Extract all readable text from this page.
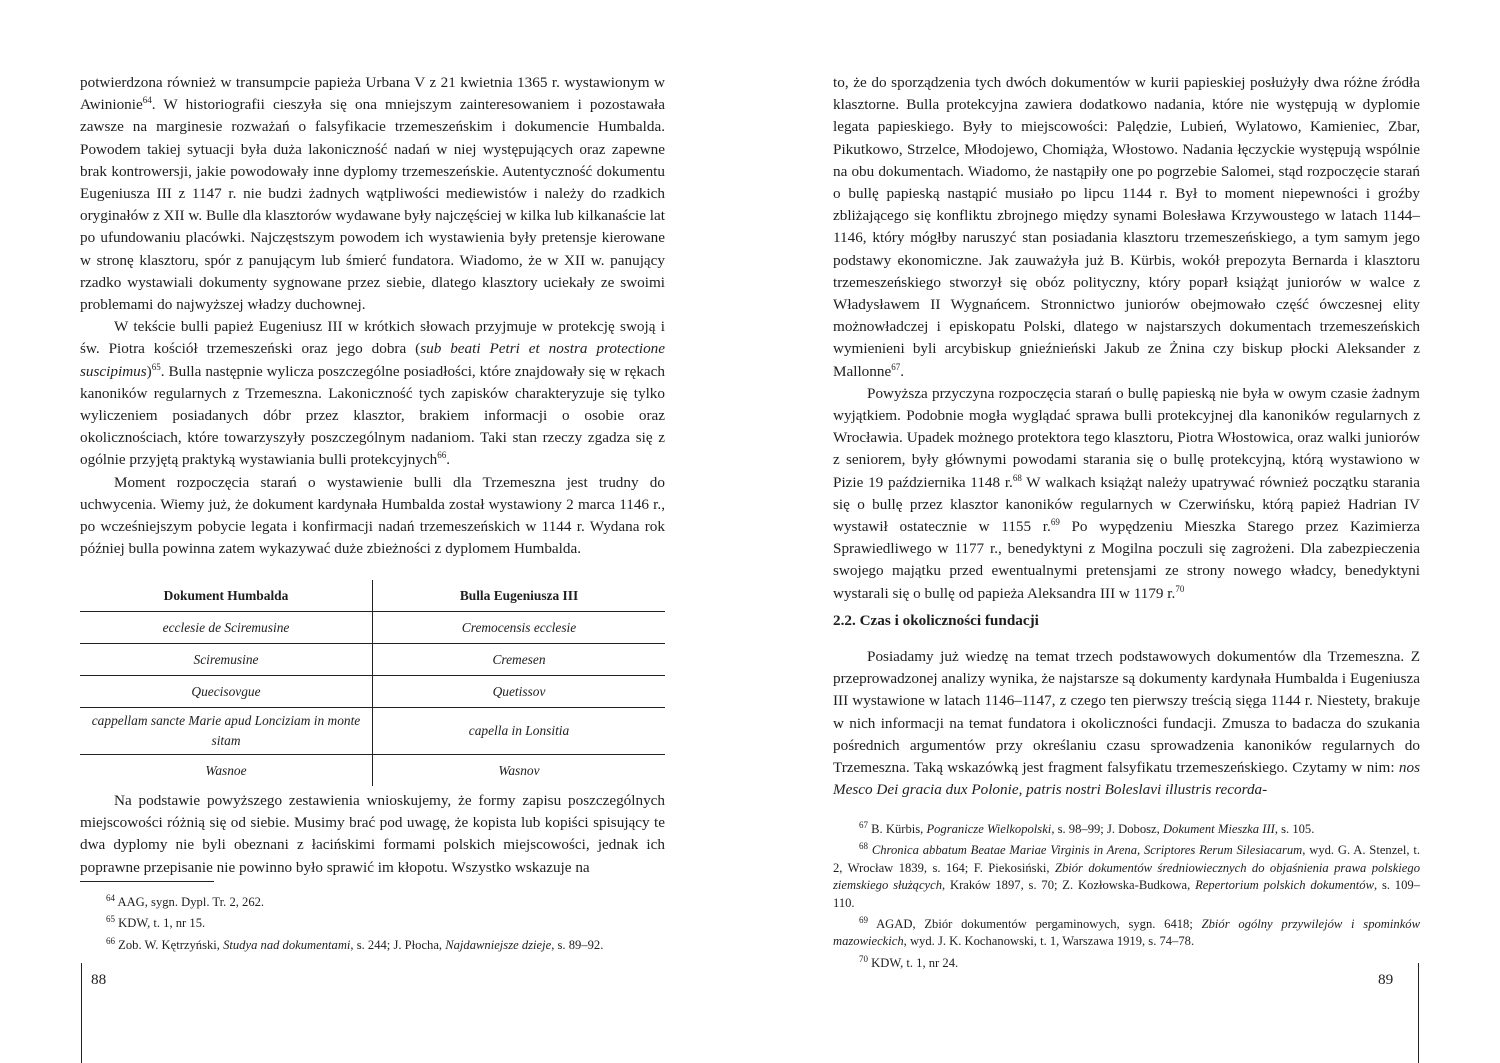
potwierdzona również w transumpcie papieża Urbana V z 21 kwietnia 1365 r. wystawionym w Awinionie$^{64}$. W historiografii cieszyła się ona mniejszym zainteresowaniem i pozostawała zawsze na marginesie rozważań o falsyfikacie trzemeszeńskim i dokumencie Humbalda. Powodem takiej sytuacji była duża lakoniczność nadań w niej występujących oraz zapewne brak kontrowersji, jakie powodowały inne dyplomy trzemeszeńskie. Autentyczność dokumentu Eugeniusza III z 1147 r. nie budzi żadnych wątpliwości mediewistów i należy do rzadkich oryginałów z XII w. Bulle dla klasztorów wydawane były najczęściej w kilka lub kilkanaście lat po ufundowaniu placówki. Najczęstszym powodem ich wystawienia były pretensje kierowane w stronę klasztoru, spór z panującym lub śmierć fundatora. Wiadomo, że w XII w. panujący rzadko wystawiali dokumenty sygnowane przez siebie, dlatego klasztory uciekały ze swoimi problemami do najwyższej władzy duchownej.

W tekście bulli papież Eugeniusz III w krótkich słowach przyjmuje w protekcję swoją i św. Piotra kościół trzemeszeński oraz jego dobra (sub beati Petri et nostra protectione suscipimus)$^{65}$. Bulla następnie wylicza poszczególne posiadłości, które znajdowały się w rękach kanoników regularnych z Trzemeszna. Lakoniczność tych zapisków charakteryzuje się tylko wyliczeniem posiadanych dóbr przez klasztor, brakiem informacji o osobie oraz okolicznościach, które towarzyszyły poszczególnym nadaniom. Taki stan rzeczy zgadza się z ogólnie przyjętą praktyką wystawiania bulli protekcyjnych$^{66}$.

Moment rozpoczęcia starań o wystawienie bulli dla Trzemeszna jest trudny do uchwycenia. Wiemy już, że dokument kardynała Humbalda został wystawiony 2 marca 1146 r., po wcześniejszym pobycie legata i konfirmacji nadań trzemeszeńskich w 1144 r. Wydana rok później bulla powinna zatem wykazywać duże zbieżności z dyplomem Humbalda.

Dokument Humbalda	Bulla Eugeniusza III
ecclesie de Sciremusine	Cremocensis ecclesie
Sciremusine	Cremesen
Quecisovgue	Quetissov
cappellam sancte Marie apud Lonciziam in monte sitam	capella in Lonsitia
Wasnoe	Wasnov

Na podstawie powyższego zestawienia wnioskujemy, że formy zapisu poszczególnych miejscowości różnią się od siebie. Musimy brać pod uwagę, że kopista lub kopiści spisujący te dwa dyplomy nie byli obeznani z łacińskimi formami polskich miejscowości, jednak ich poprawne przepisanie nie powinno było sprawić im kłopotu. Wszystko wskazuje na

$^{64}$ AAG, sygn. Dypl. Tr. 2, 262.

$^{65}$ KDW, t. 1, nr 15.

$^{66}$ Zob. W. Kętrzyński, Studya nad dokumentami, s. 244; J. Płocha, Najdawniejsze dzieje, s. 89–92.

88

to, że do sporządzenia tych dwóch dokumentów w kurii papieskiej posłużyły dwa różne źródła klasztorne. Bulla protekcyjna zawiera dodatkowo nadania, które nie występują w dyplomie legata papieskiego. Były to miejscowości: Palędzie, Lubień, Wylatowo, Kamieniec, Zbar, Pikutkowo, Strzelce, Młodojewo, Chomiąża, Włostowo. Nadania łęczyckie występują wspólnie na obu dokumentach. Wiadomo, że nastąpiły one po pogrzebie Salomei, stąd rozpoczęcie starań o bullę papieską nastąpić musiało po lipcu 1144 r. Był to moment niepewności i groźby zbliżającego się konfliktu zbrojnego między synami Bolesława Krzywoustego w latach 1144–1146, który mógłby naruszyć stan posiadania klasztoru trzemeszeńskiego, a tym samym jego podstawy ekonomiczne. Jak zauważyła już B. Kürbis, wokół prepozyta Bernarda i klasztoru trzemeszeńskiego stworzył się obóz polityczny, który poparł książąt juniorów w walce z Władysławem II Wygnańcem. Stronnictwo juniorów obejmowało część ówczesnej elity możnowładczej i episkopatu Polski, dlatego w najstarszych dokumentach trzemeszeńskich wymienieni byli arcybiskup gnieźnieński Jakub ze Żnina czy biskup płocki Aleksander z Mallonne$^{67}$.

Powyższa przyczyna rozpoczęcia starań o bullę papieską nie była w owym czasie żadnym wyjątkiem. Podobnie mogła wyglądać sprawa bulli protekcyjnej dla kanoników regularnych z Wrocławia. Upadek możnego protektora tego klasztoru, Piotra Włostowica, oraz walki juniorów z seniorem, były głównymi powodami starania się o bullę protekcyjną, którą wystawiono w Pizie 19 października 1148 r.$^{68}$ W walkach książąt należy upatrywać również początku starania się o bullę przez klasztor kanoników regularnych w Czerwińsku, którą papież Hadrian IV wystawił ostatecznie w 1155 r.$^{69}$ Po wypędzeniu Mieszka Starego przez Kazimierza Sprawiedliwego w 1177 r., benedyktyni z Mogilna poczuli się zagrożeni. Dla zabezpieczenia swojego majątku przed ewentualnymi pretensjami ze strony nowego władcy, benedyktyni wystarali się o bullę od papieża Aleksandra III w 1179 r.$^{70}$

2.2. Czas i okoliczności fundacji

Posiadamy już wiedzę na temat trzech podstawowych dokumentów dla Trzemeszna. Z przeprowadzonej analizy wynika, że najstarsze są dokumenty kardynała Humbalda i Eugeniusza III wystawione w latach 1146–1147, z czego ten pierwszy treścią sięga 1144 r. Niestety, brakuje w nich informacji na temat fundatora i okoliczności fundacji. Zmusza to badacza do szukania pośrednich argumentów przy określaniu czasu sprowadzenia kanoników regularnych do Trzemeszna. Taką wskazówką jest fragment falsyfikatu trzemeszeńskiego. Czytamy w nim: nos Mesco Dei gracia dux Polonie, patris nostri Boleslavi illustris recorda-

$^{67}$ B. Kürbis, Pogranicze Wielkopolski, s. 98–99; J. Dobosz, Dokument Mieszka III, s. 105.

$^{68}$ Chronica abbatum Beatae Mariae Virginis in Arena, Scriptores Rerum Silesiacarum, wyd. G. A. Stenzel, t. 2, Wrocław 1839, s. 164; F. Piekosiński, Zbiór dokumentów średniowiecznych do objaśnienia prawa polskiego ziemskiego służących, Kraków 1897, s. 70; Z. Kozłowska-Budkowa, Repertorium polskich dokumentów, s. 109–110.

$^{69}$ AGAD, Zbiór dokumentów pergaminowych, sygn. 6418; Zbiór ogólny przywilejów i spominków mazowieckich, wyd. J. K. Kochanowski, t. 1, Warszawa 1919, s. 74–78.

$^{70}$ KDW, t. 1, nr 24.

89
